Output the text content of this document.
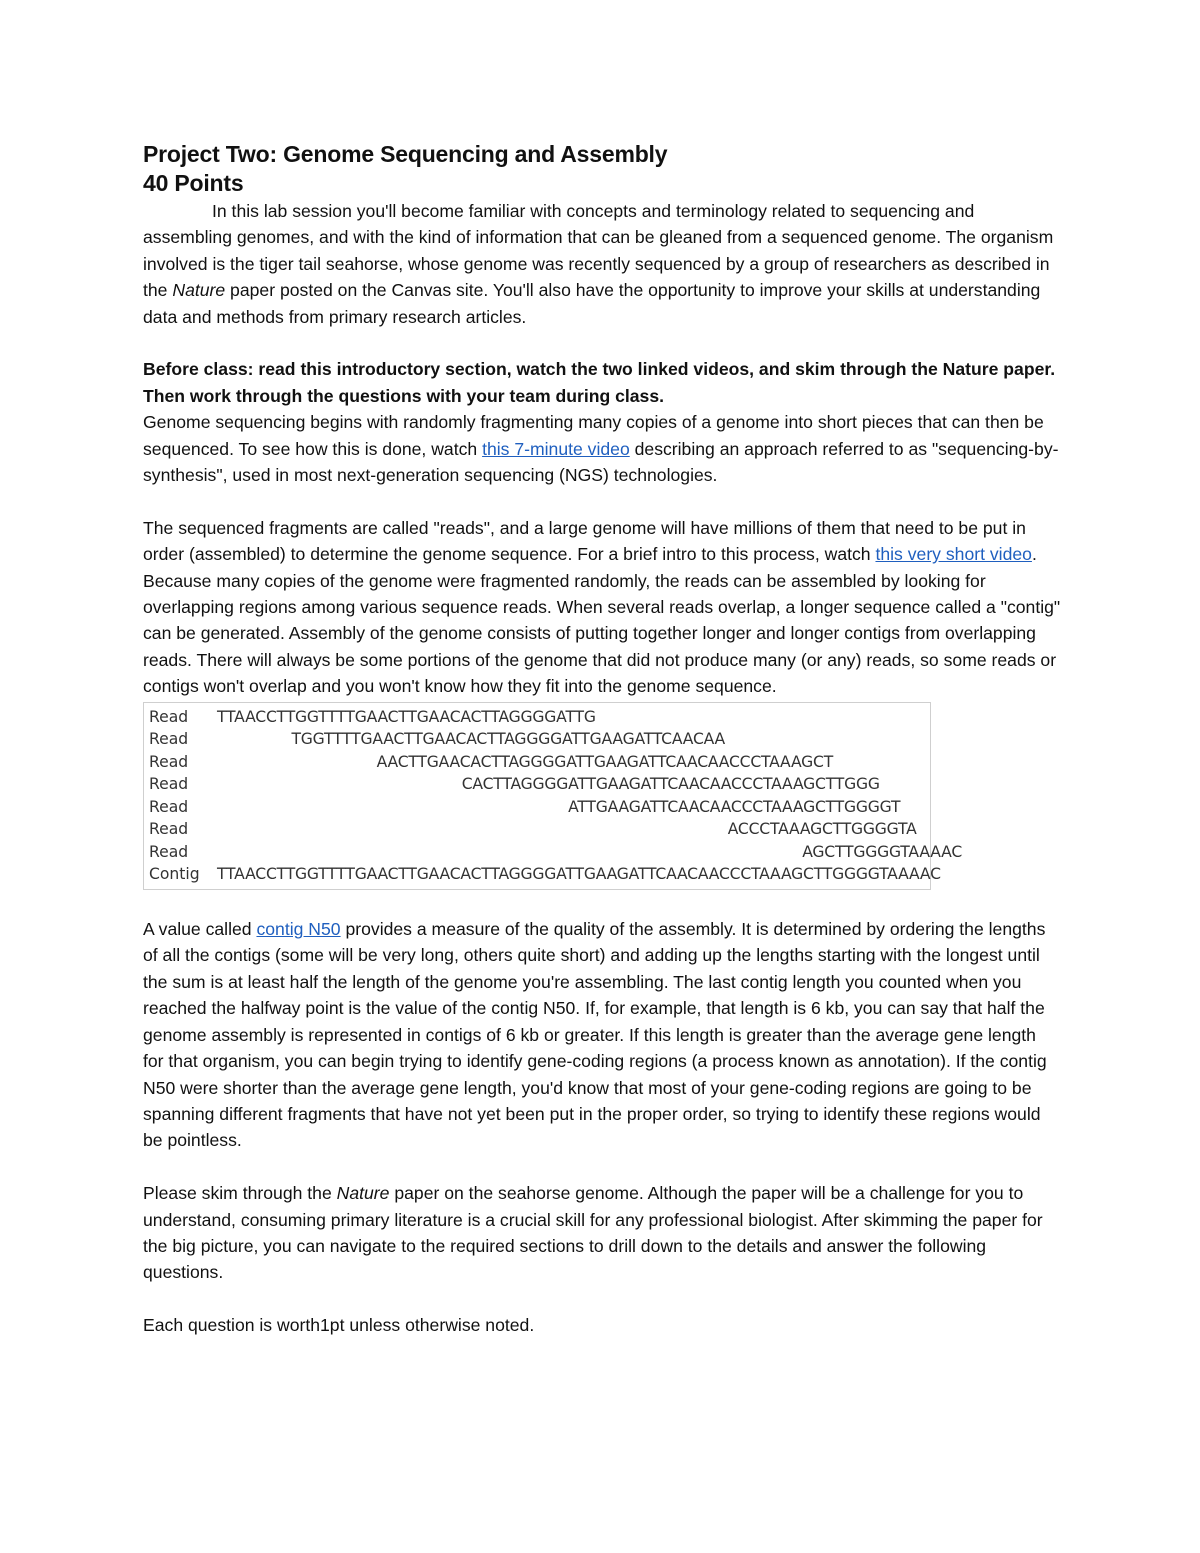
Project Two: Genome Sequencing and Assembly
40 Points

In this lab session you'll become familiar with concepts and terminology related to sequencing and assembling genomes, and with the kind of information that can be gleaned from a sequenced genome. The organism involved is the tiger tail seahorse, whose genome was recently sequenced by a group of researchers as described in the Nature paper posted on the Canvas site. You'll also have the opportunity to improve your skills at understanding data and methods from primary research articles.

Before class: read this introductory section, watch the two linked videos, and skim through the Nature paper. Then work through the questions with your team during class.

Genome sequencing begins with randomly fragmenting many copies of a genome into short pieces that can then be sequenced. To see how this is done, watch this 7-minute video describing an approach referred to as "sequencing-by-synthesis", used in most next-generation sequencing (NGS) technologies.

The sequenced fragments are called "reads", and a large genome will have millions of them that need to be put in order (assembled) to determine the genome sequence. For a brief intro to this process, watch this very short video. Because many copies of the genome were fragmented randomly, the reads can be assembled by looking for overlapping regions among various sequence reads. When several reads overlap, a longer sequence called a "contig" can be generated. Assembly of the genome consists of putting together longer and longer contigs from overlapping reads. There will always be some portions of the genome that did not produce many (or any) reads, so some reads or contigs won't overlap and you won't know how they fit into the genome sequence.

Read TTAACCTTGGTTTTGAACTTGAACACTTAGGGGATTG
Read	TGGTTTTGAACTTGAACACTTAGGGGATTGAAGATTCAACAA
Read	AACTTGAACACTTAGGGGATTGAAGATTCAACAACCCTAAAGCT
Read	CACTTAGGGGATTGAAGATTCAACAACCCTAAAGCTTGGG
Read	ATTGAAGATTCAACAACCCTAAAGCTTGGGGT
Read	ACCCTAAAGCTTGGGGTA
Read	AGCTTGGGGTAAAAC
Contig TTAACCTTGGTTTTGAACTTGAACACTTAGGGGATTGAAGATTCAACAACCCTAAAGCTTGGGGTAAAAC

A value called contig N50 provides a measure of the quality of the assembly. It is determined by ordering the lengths of all the contigs (some will be very long, others quite short) and adding up the lengths starting with the longest until the sum is at least half the length of the genome you're assembling. The last contig length you counted when you reached the halfway point is the value of the contig N50. If, for example, that length is 6 kb, you can say that half the genome assembly is represented in contigs of 6 kb or greater. If this length is greater than the average gene length for that organism, you can begin trying to identify gene-coding regions (a process known as annotation). If the contig N50 were shorter than the average gene length, you'd know that most of your gene-coding regions are going to be spanning different fragments that have not yet been put in the proper order, so trying to identify these regions would be pointless.

Please skim through the Nature paper on the seahorse genome. Although the paper will be a challenge for you to understand, consuming primary literature is a crucial skill for any professional biologist. After skimming the paper for the big picture, you can navigate to the required sections to drill down to the details and answer the following questions.

Each question is worth1pt unless otherwise noted.
